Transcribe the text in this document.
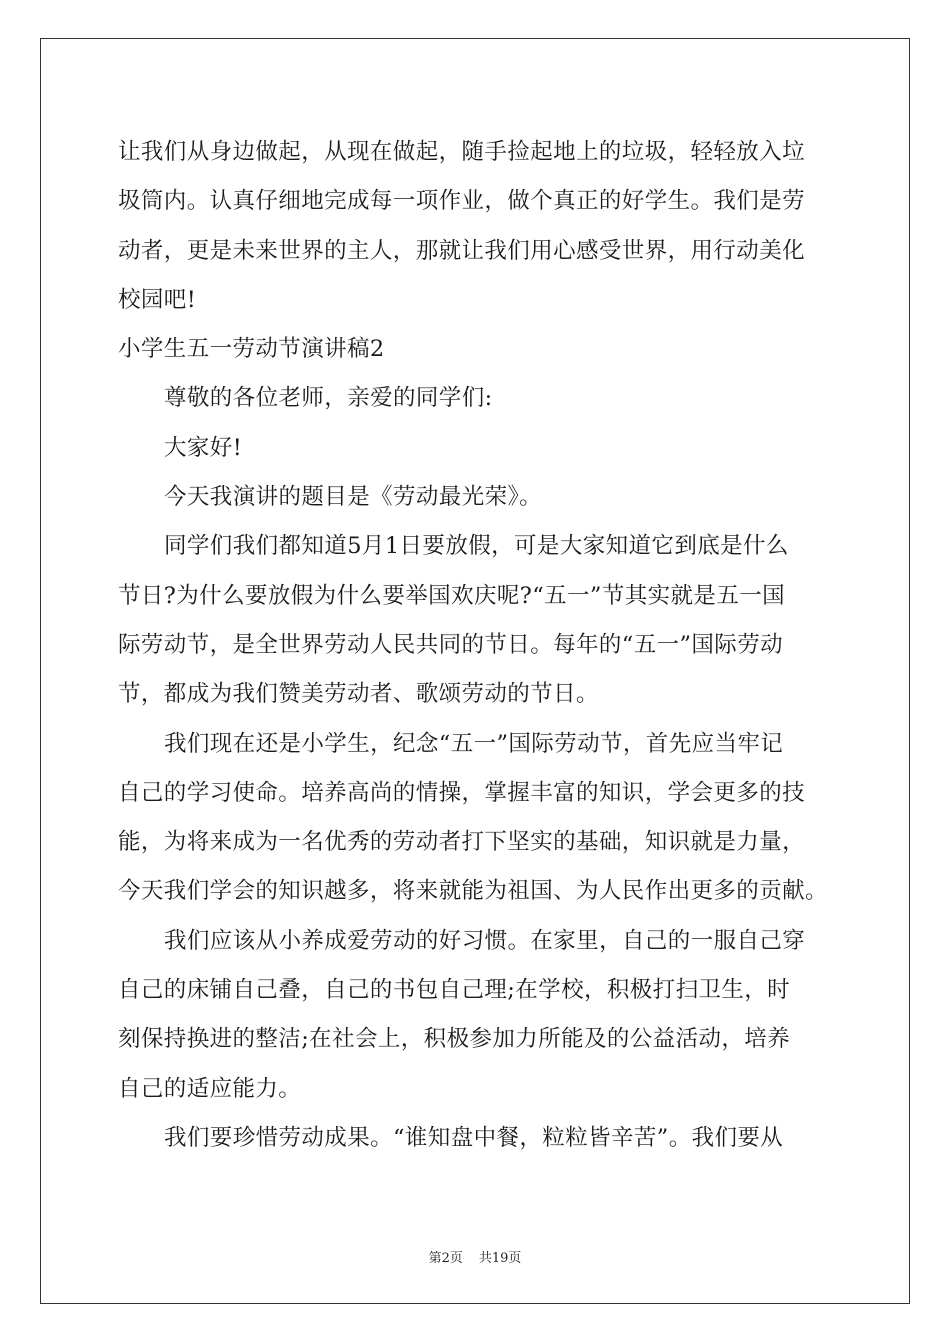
让我们从身边做起，从现在做起，随手捡起地上的垃圾，轻轻放入垃
圾筒内。认真仔细地完成每一项作业，做个真正的好学生。我们是劳
动者，更是未来世界的主人，那就让我们用心感受世界，用行动美化
校园吧!
小学生五一劳动节演讲稿2
尊敬的各位老师，亲爱的同学们:
大家好!
今天我演讲的题目是《劳动最光荣》。
同学们我们都知道5月1日要放假，可是大家知道它到底是什么
节日?为什么要放假为什么要举国欢庆呢?“五一”节其实就是五一国
际劳动节，是全世界劳动人民共同的节日。每年的“五一”国际劳动
节，都成为我们赞美劳动者、歌颂劳动的节日。
我们现在还是小学生，纪念“五一”国际劳动节，首先应当牢记
自己的学习使命。培养高尚的情操，掌握丰富的知识，学会更多的技
能，为将来成为一名优秀的劳动者打下坚实的基础，知识就是力量，
今天我们学会的知识越多，将来就能为祖国、为人民作出更多的贡献。
我们应该从小养成爱劳动的好习惯。在家里，自己的一服自己穿
自己的床铺自己叠，自己的书包自己理;在学校，积极打扫卫生，时
刻保持换进的整洁;在社会上，积极参加力所能及的公益活动，培养
自己的适应能力。
我们要珍惜劳动成果。“谁知盘中餐，粒粒皆辛苦”。我们要从
第2页 共19页
